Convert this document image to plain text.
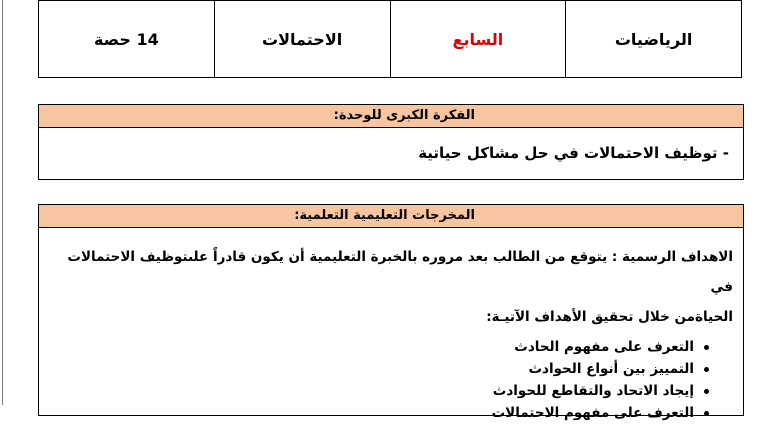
الرياضيات	السابع	الاحتمالات	14 حصة
الفكرة الكبرى للوحدة:
- توظيف الاحتمالات في حل مشاكل حياتية
المخرجات التعليمية التعلمية:

الاهداف الرسمية : يتوقع من الطالب بعد مروره بالخبرة التعليمية أن يكون قادراً علىتوظيف الاحتمالات في

الحياةمن خلال تحقيق الأهداف الآتيـة:

التعرف على مفهوم الحادث
التمييز بين أنواع الحوادث
إيجاد الاتحاد والتقاطع للحوادث
التعرف على مفهوم الاحتمالات
